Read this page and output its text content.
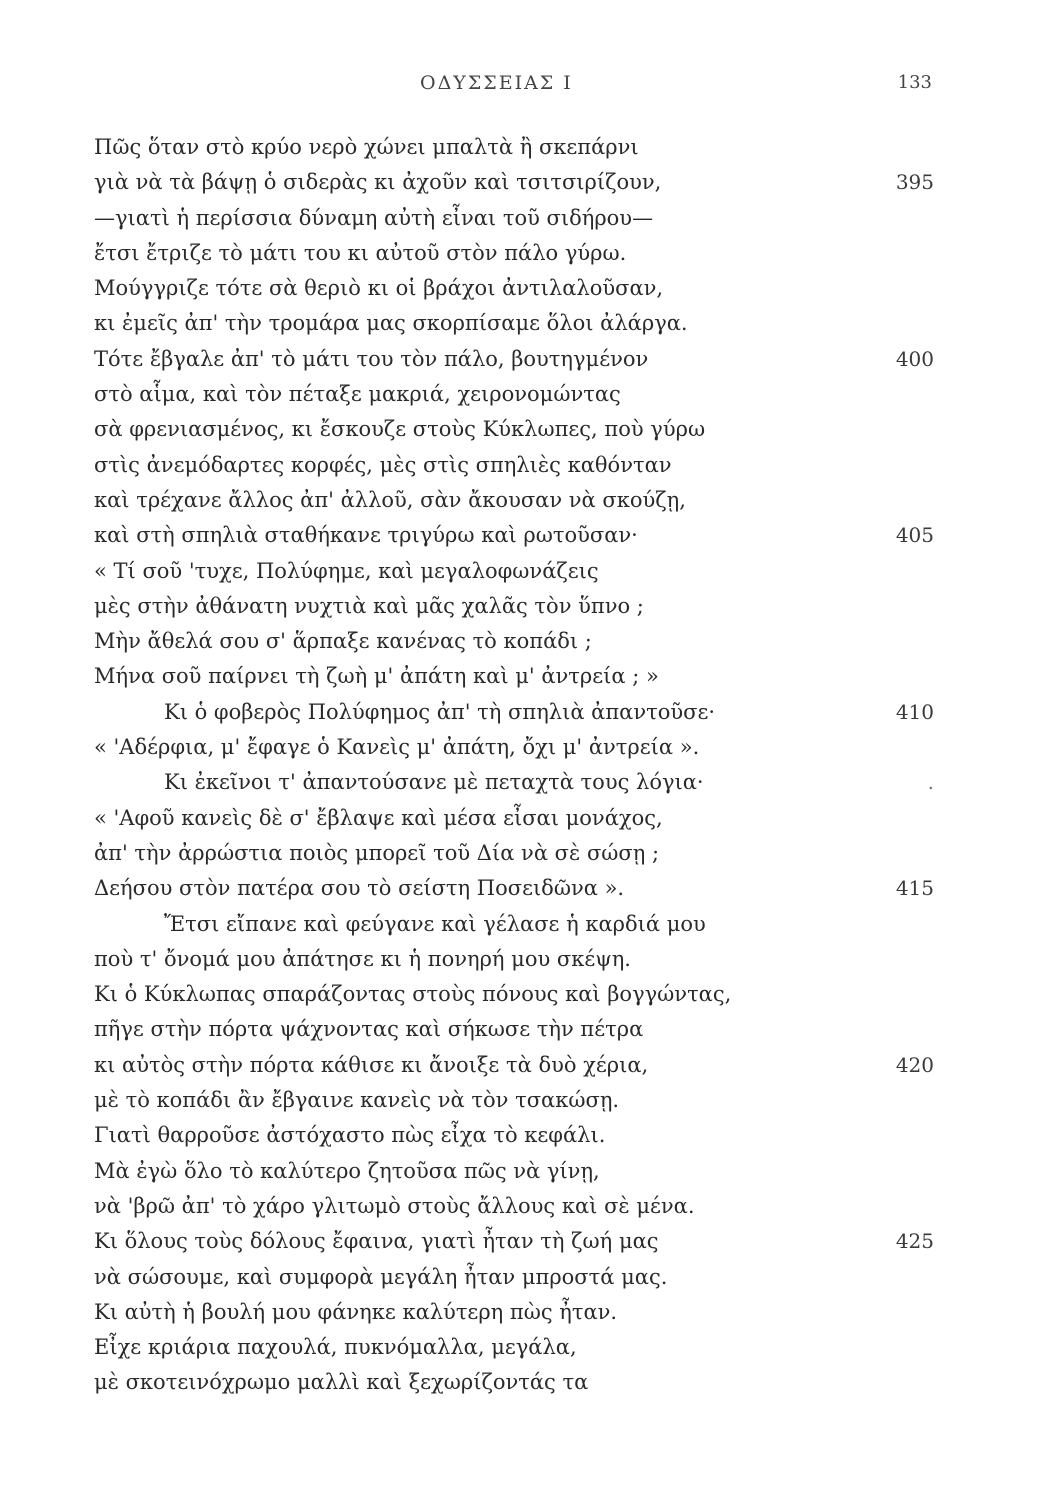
ΟΔΥΣΣΕΙΑΣ Ι	133
Πῶς ὅταν στὸ κρύο νερὸ χώνει μπαλτὰ ἢ σκεπάρνι
γιὰ νὰ τὰ βάψῃ ὁ σιδερὰς κι ἀχοῦν καὶ τσιτσιρίζουν,	395
—γιατὶ ἡ περίσσια δύναμη αὐτὴ εἶναι τοῦ σιδήρου—
ἔτσι ἔτριζε τὸ μάτι του κι αὐτοῦ στὸν πάλο γύρω.
Μούγγριζε τότε σὰ θεριὸ κι οἱ βράχοι ἀντιλαλοῦσαν,
κι ἐμεῖς ἀπ' τὴν τρομάρα μας σκορπίσαμε ὅλοι ἀλάργα.
Τότε ἔβγαλε ἀπ' τὸ μάτι του τὸν πάλο, βουτηγμένον	400
στὸ αἷμα, καὶ τὸν πέταξε μακριά, χειρονομώντας
σὰ φρενιασμένος, κι ἔσκουζε στοὺς Κύκλωπες, ποὺ γύρω
στὶς ἀνεμόδαρτες κορφές, μὲς στὶς σπηλιὲς καθόνταν
καὶ τρέχανε ἄλλος ἀπ' ἀλλοῦ, σὰν ἄκουσαν νὰ σκούζῃ,
καὶ στὴ σπηλιὰ σταθήκανε τριγύρω καὶ ρωτοῦσαν·	405
« Τί σοῦ 'τυχε, Πολύφημε, καὶ μεγαλοφωνάζεις
μὲς στὴν ἀθάνατη νυχτιὰ καὶ μᾶς χαλᾶς τὸν ὕπνο ;
Μὴν ἄθελά σου σ' ἅρπαξε κανένας τὸ κοπάδι ;
Μήνα σοῦ παίρνει τὴ ζωὴ μ' ἀπάτη καὶ μ' ἀντρεία ; »
Κι ὁ φοβερὸς Πολύφημος ἀπ' τὴ σπηλιὰ ἀπαντοῦσε·	410
« 'Αδέρφια, μ' ἔφαγε ὁ Κανεὶς μ' ἀπάτη, ὄχι μ' ἀντρεία ».
Κι ἐκεῖνοι τ' ἀπαντούσανε μὲ πεταχτὰ τους λόγια·	.
« 'Αφοῦ κανεὶς δὲ σ' ἔβλαψε καὶ μέσα εἶσαι μονάχος,
ἀπ' τὴν ἀρρώστια ποιὸς μπορεῖ τοῦ Δία νὰ σὲ σώσῃ ;
Δεήσου στὸν πατέρα σου τὸ σείστη Ποσειδῶνα ».	415
Ἔτσι εἴπανε καὶ φεύγανε καὶ γέλασε ἡ καρδιά μου
ποὺ τ' ὄνομά μου ἀπάτησε κι ἡ πονηρή μου σκέψη.
Κι ὁ Κύκλωπας σπαράζοντας στοὺς πόνους καὶ βογγώντας,
πῆγε στὴν πόρτα ψάχνοντας καὶ σήκωσε τὴν πέτρα
κι αὐτὸς στὴν πόρτα κάθισε κι ἄνοιξε τὰ δυὸ χέρια,	420
μὲ τὸ κοπάδι ἂν ἔβγαινε κανεὶς νὰ τὸν τσακώσῃ.
Γιατὶ θαρροῦσε ἀστόχαστο πὼς εἶχα τὸ κεφάλι.
Μὰ ἐγὼ ὅλο τὸ καλύτερο ζητοῦσα πῶς νὰ γίνῃ,
νὰ 'βρῶ ἀπ' τὸ χάρο γλιτωμὸ στοὺς ἄλλους καὶ σὲ μένα.
Κι ὅλους τοὺς δόλους ἔφαινα, γιατὶ ἦταν τὴ ζωή μας	425
νὰ σώσουμε, καὶ συμφορὰ μεγάλη ἦταν μπροστά μας.
Κι αὐτὴ ἡ βουλή μου φάνηκε καλύτερη πὼς ἦταν.
Εἶχε κριάρια παχουλά, πυκνόμαλλα, μεγάλα,
μὲ σκοτεινόχρωμο μαλλὶ καὶ ξεχωρίζοντάς τα
